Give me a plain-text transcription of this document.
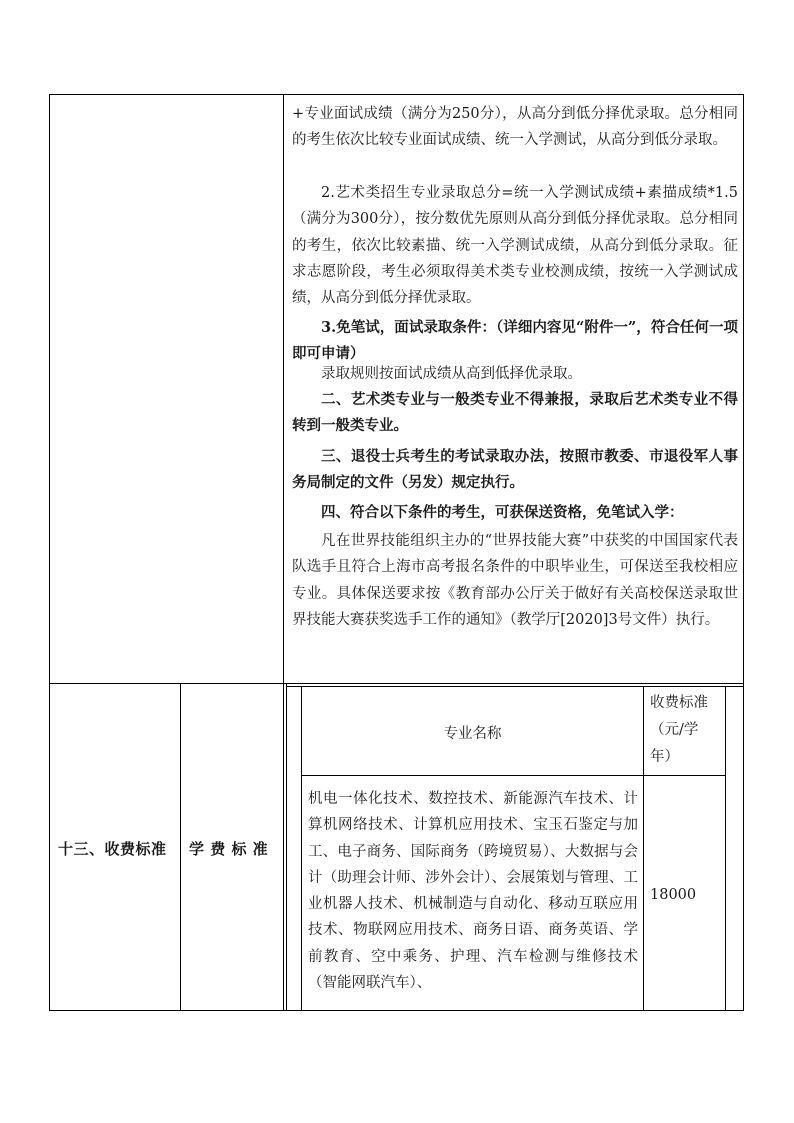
+专业面试成绩（满分为250分），从高分到低分择优录取。总分相同的考生依次比较专业面试成绩、统一入学测试，从高分到低分录取。

2.艺术类招生专业录取总分=统一入学测试成绩+素描成绩*1.5（满分为300分），按分数优先原则从高分到低分择优录取。总分相同的考生，依次比较素描、统一入学测试成绩，从高分到低分录取。征求志愿阶段，考生必须取得美术类专业校测成绩，按统一入学测试成绩，从高分到低分择优录取。

3.免笔试，面试录取条件：（详细内容见“附件一”，符合任何一项即可申请）

录取规则按面试成绩从高到低择优录取。

二、艺术类专业与一般类专业不得兼报，录取后艺术类专业不得转到一般类专业。

三、退役士兵考生的考试录取办法，按照市教委、市退役军人事务局制定的文件（另发）规定执行。

四、符合以下条件的考生，可获保送资格，免笔试入学：

凡在世界技能组织主办的“世界技能大赛”中获奖的中国国家代表队选手且符合上海市高考报名条件的中职毕业生，可保送至我校相应专业。具体保送要求按《教育部办公厅关于做好有关高校保送录取世界技能大赛获奖选手工作的通知》（教学厅[2020]3号文件）执行。

十三、收费标准 学 费 标 准
专业名称
收费标准（元/学年）
机电一体化技术、数控技术、新能源汽车技术、计算机网络技术、计算机应用技术、宝玉石鉴定与加工、电子商务、国际商务（跨境贸易）、大数据与会计（助理会计师、涉外会计）、会展策划与管理、工业机器人技术、机械制造与自动化、移动互联应用技术、物联网应用技术、商务日语、商务英语、学前教育、空中乘务、护理、汽车检测与维修技术（智能网联汽车）、
18000
